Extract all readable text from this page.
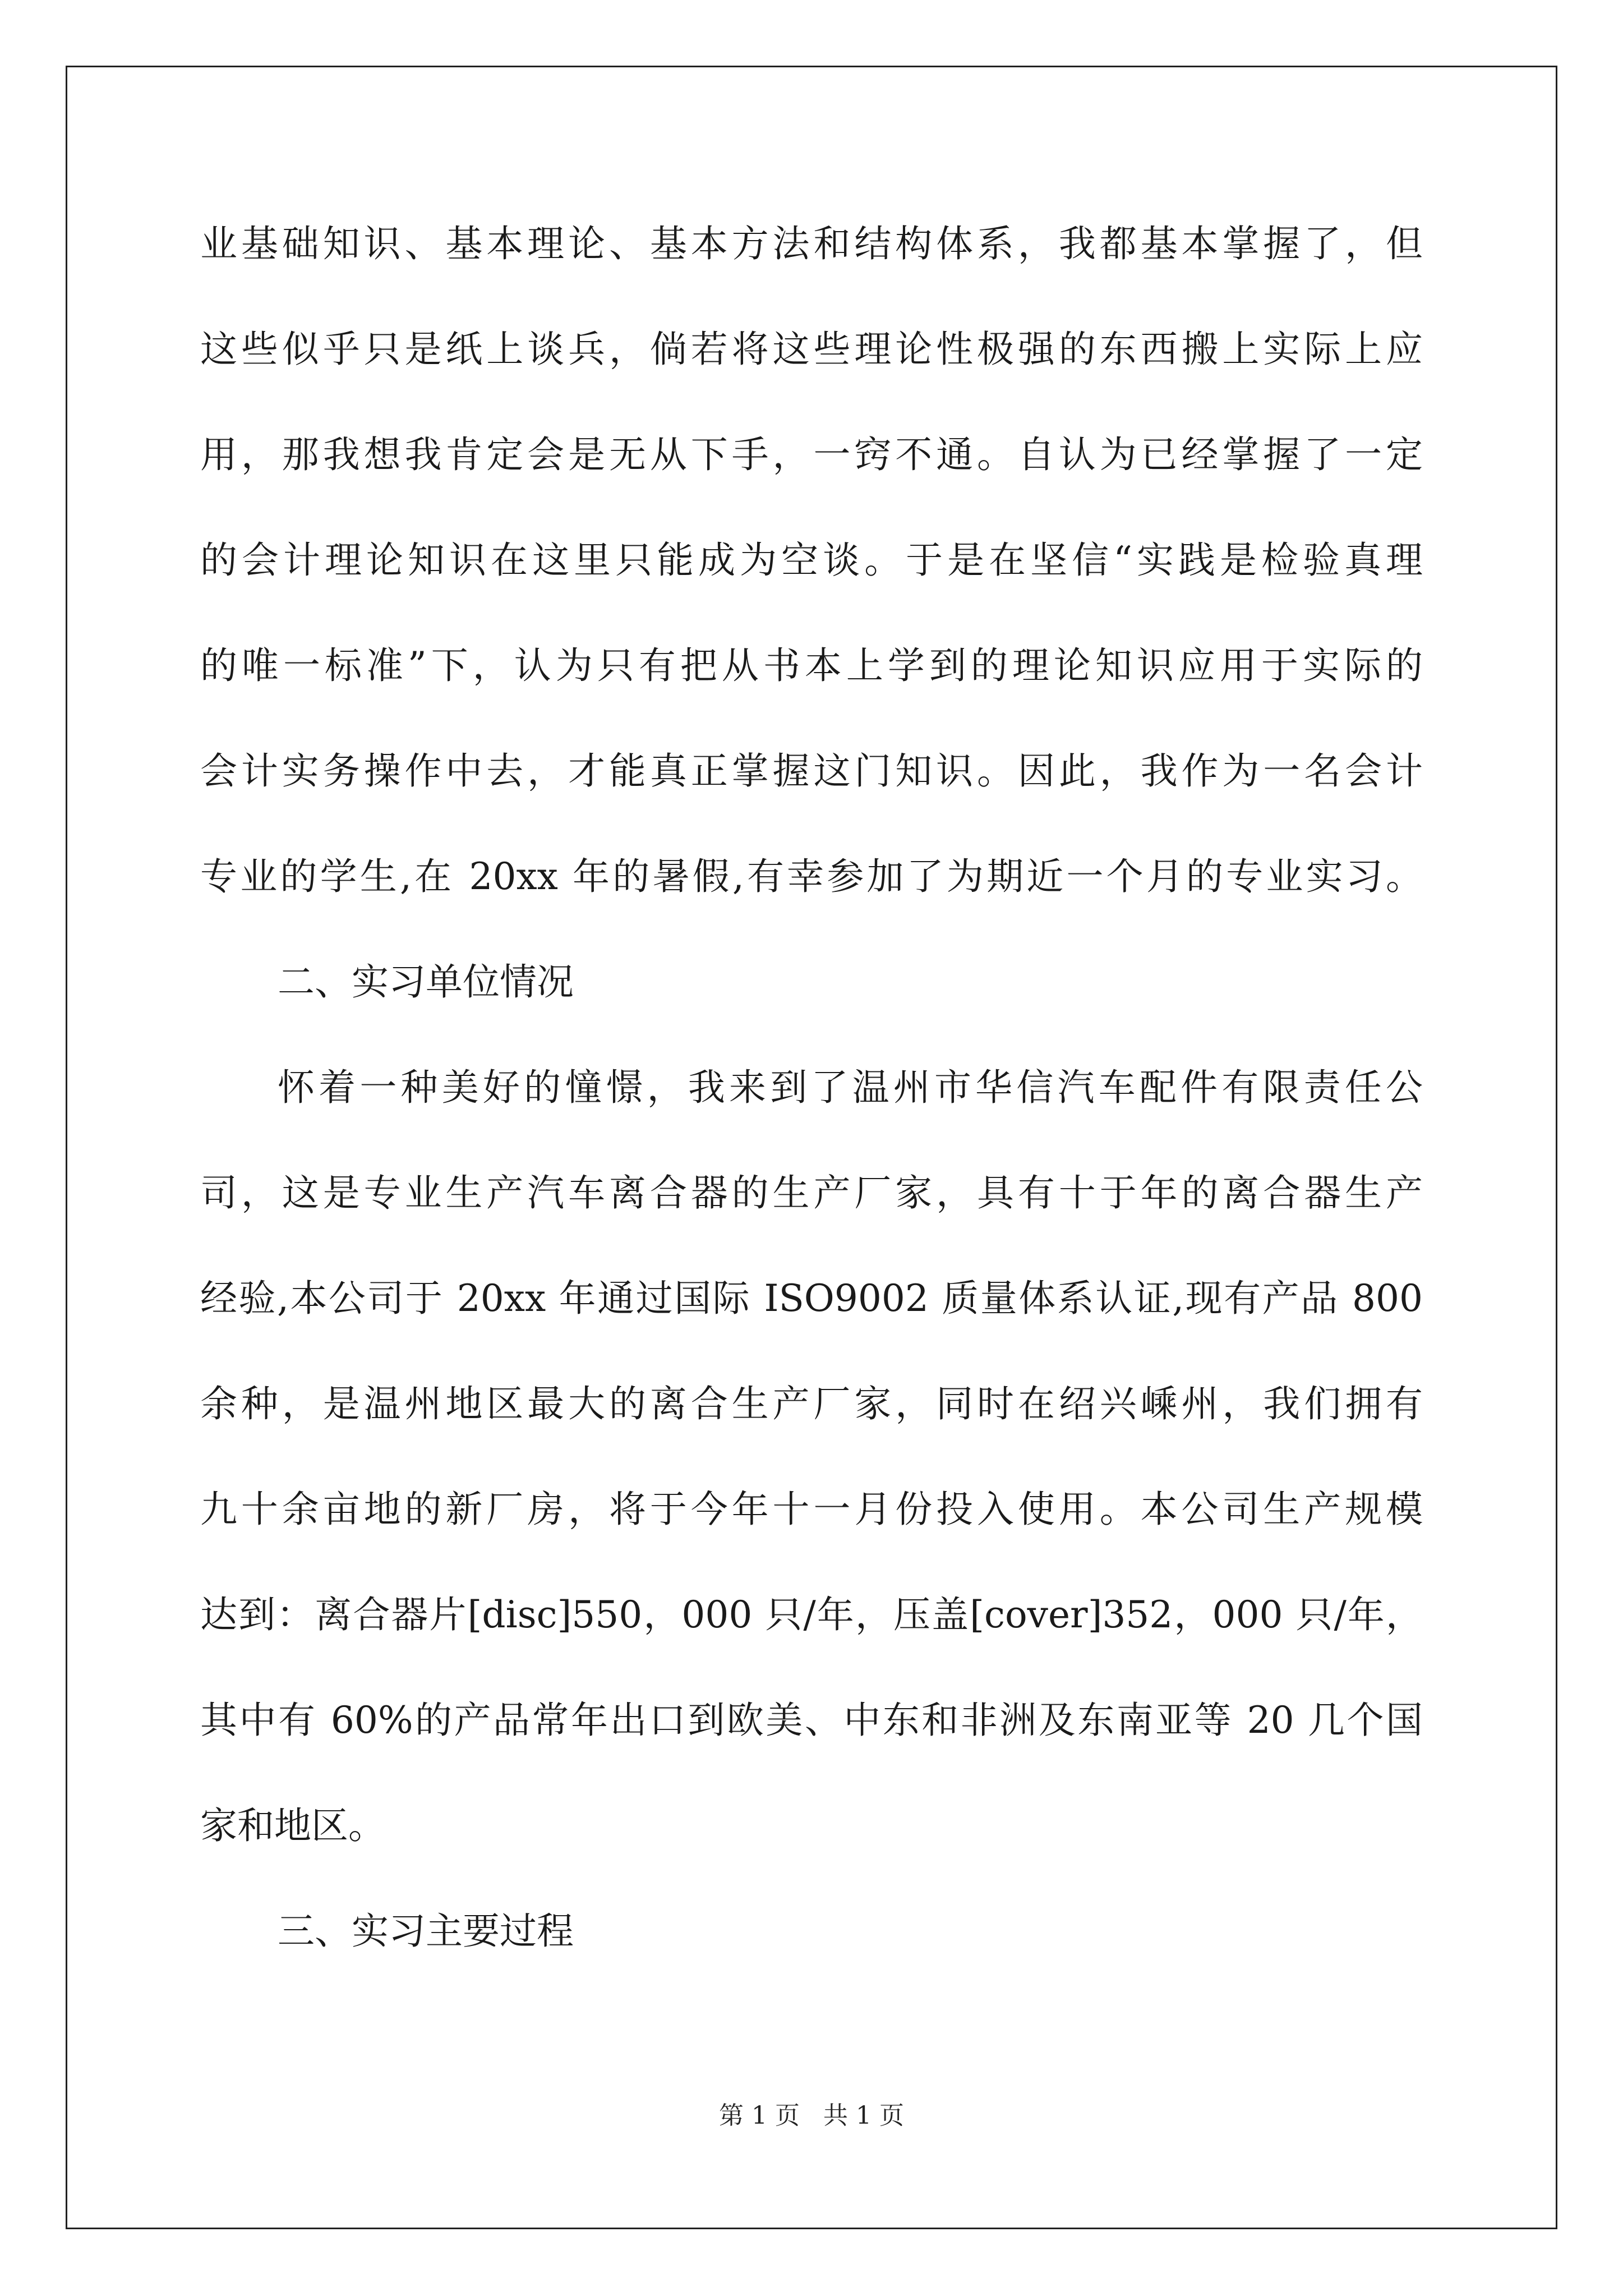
业基础知识、基本理论、基本方法和结构体系，我都基本掌握了，但
这些似乎只是纸上谈兵，倘若将这些理论性极强的东西搬上实际上应
用，那我想我肯定会是无从下手，一窍不通。自认为已经掌握了一定
的会计理论知识在这里只能成为空谈。于是在坚信“实践是检验真理
的唯一标准”下，认为只有把从书本上学到的理论知识应用于实际的
会计实务操作中去，才能真正掌握这门知识。因此，我作为一名会计
专业的学生,在 20xx 年的暑假,有幸参加了为期近一个月的专业实习。
二、实习单位情况
怀着一种美好的憧憬，我来到了温州市华信汽车配件有限责任公
司，这是专业生产汽车离合器的生产厂家，具有十于年的离合器生产
经验,本公司于 20xx 年通过国际 ISO9002 质量体系认证,现有产品 800
余种，是温州地区最大的离合生产厂家，同时在绍兴嵊州，我们拥有
九十余亩地的新厂房，将于今年十一月份投入使用。本公司生产规模
达到：离合器片[disc]550，000 只/年，压盖[cover]352，000 只/年，
其中有 60%的产品常年出口到欧美、中东和非洲及东南亚等 20 几个国
家和地区。
三、实习主要过程
第 1 页 共 1 页
